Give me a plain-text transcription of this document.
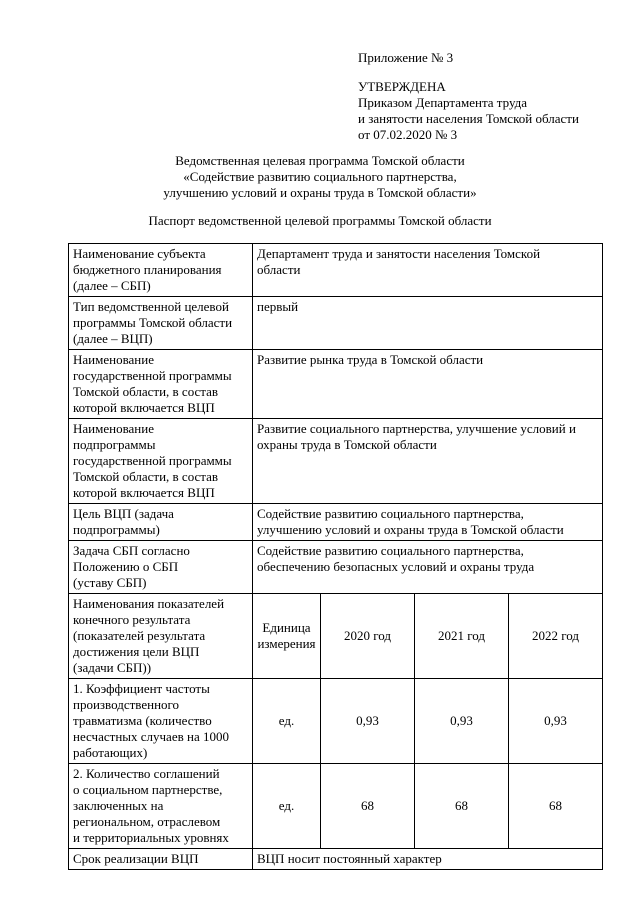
Приложение № 3
УТВЕРЖДЕНА
Приказом Департамента труда
и занятости населения Томской области
от 07.02.2020 № 3
Ведомственная целевая программа Томской области
«Содействие развитию социального партнерства,
улучшению условий и охраны труда в Томской области»
Паспорт ведомственной целевой программы Томской области
Наименование субъекта
бюджетного планирования
(далее – СБП)	Департамент труда и занятости населения Томской
области			

Тип ведомственной целевой
программы Томской области
(далее – ВЦП)	первый			

Наименование
государственной программы
Томской области, в состав
которой включается ВЦП	Развитие рынка труда в Томской области			

Наименование
подпрограммы
государственной программы
Томской области, в состав
которой включается ВЦП	Развитие социального партнерства, улучшение условий и
охраны труда в Томской области			

Цель ВЦП (задача
подпрограммы)	Содействие развитию социального партнерства,
улучшению условий и охраны труда в Томской области			

Задача СБП согласно
Положению о СБП
(уставу СБП)	Содействие развитию социального партнерства,
обеспечению безопасных условий и охраны труда			

Наименования показателей
конечного результата
(показателей результата
достижения цели ВЦП
(задачи СБП))	Единица
измерения	2020 год	2021 год	2022 год

1. Коэффициент частоты
производственного
травматизма (количество
несчастных случаев на 1000
работающих)	ед.	0,93	0,93	0,93

2. Количество соглашений
о социальном партнерстве,
заключенных на
региональном, отраслевом
и территориальных уровнях	ед.	68	68	68
Срок реализации ВЦП	ВЦП носит постоянный характер			
